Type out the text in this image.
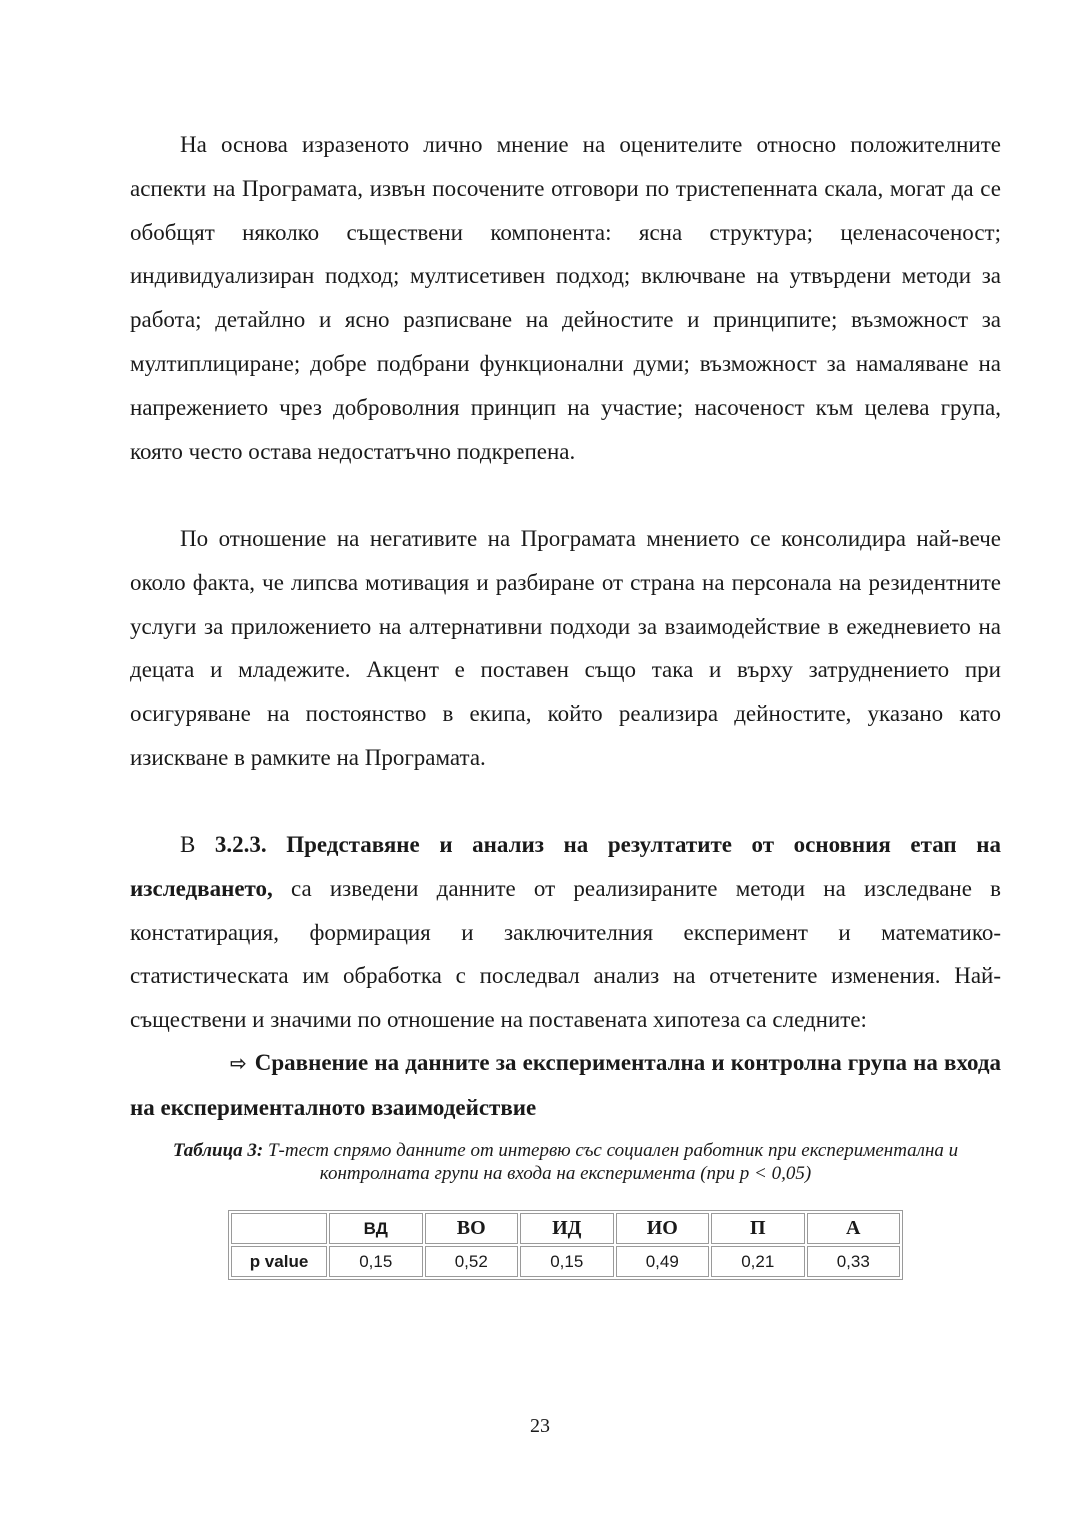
На основа изразеното лично мнение на оценителите относно положителните аспекти на Програмата, извън посочените отговори по тристепенната скала, могат да се обобщят няколко съществени компонента: ясна структура; целенасоченост; индивидуализиран подход; мултисетивен подход; включване на утвърдени методи за работа; детайлно и ясно разписване на дейностите и принципите; възможност за мултиплициране; добре подбрани функционални думи; възможност за намаляване на напрежението чрез доброволния принцип на участие; насоченост към целева група, която често остава недостатъчно подкрепена.

По отношение на негативите на Програмата мнението се консолидира най-вече около факта, че липсва мотивация и разбиране от страна на персонала на резидентните услуги за приложението на алтернативни подходи за взаимодействие в ежедневието на децата и младежите. Акцент е поставен също така и върху затруднението при осигуряване на постоянство в екипа, който реализира дейностите, указано като изискване в рамките на Програмата.

В 3.2.3. Представяне и анализ на резултатите от основния етап на изследването, са изведени данните от реализираните методи на изследване в констатирация, формирация и заключителния експеримент и математико-статистическата им обработка с последвал анализ на отчетените изменения. Най-съществени и значими по отношение на поставената хипотеза са следните:

⇨ Сравнение на данните за експериментална и контролна група на входа на експерименталното взаимодействие

Таблица 3: Т-тест спрямо данните от интервю със социален работник при експериментална и контролната групи на входа на експеримента (при p < 0,05)
	ВД	ВО	ИД	ИО	П	А
p value	0,15	0,52	0,15	0,49	0,21	0,33
23
